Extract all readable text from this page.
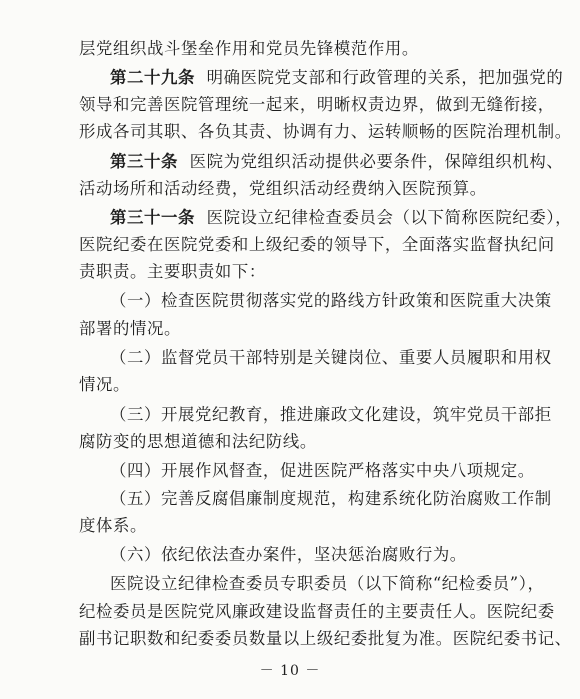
层党组织战斗堡垒作用和党员先锋模范作用。
第二十九条 明确医院党支部和行政管理的关系，把加强党的
领导和完善医院管理统一起来，明晰权责边界，做到无缝衔接，
形成各司其职、各负其责、协调有力、运转顺畅的医院治理机制。
第三十条 医院为党组织活动提供必要条件，保障组织机构、
活动场所和活动经费，党组织活动经费纳入医院预算。
第三十一条 医院设立纪律检查委员会（以下简称医院纪委），
医院纪委在医院党委和上级纪委的领导下，全面落实监督执纪问
责职责。主要职责如下：
（一）检查医院贯彻落实党的路线方针政策和医院重大决策
部署的情况。
（二）监督党员干部特别是关键岗位、重要人员履职和用权
情况。
（三）开展党纪教育，推进廉政文化建设，筑牢党员干部拒
腐防变的思想道德和法纪防线。
（四）开展作风督查，促进医院严格落实中央八项规定。
（五）完善反腐倡廉制度规范，构建系统化防治腐败工作制
度体系。
（六）依纪依法查办案件，坚决惩治腐败行为。
医院设立纪律检查委员专职委员（以下简称“纪检委员”），
纪检委员是医院党风廉政建设监督责任的主要责任人。医院纪委
副书记职数和纪委委员数量以上级纪委批复为准。医院纪委书记、
－ 10 －
